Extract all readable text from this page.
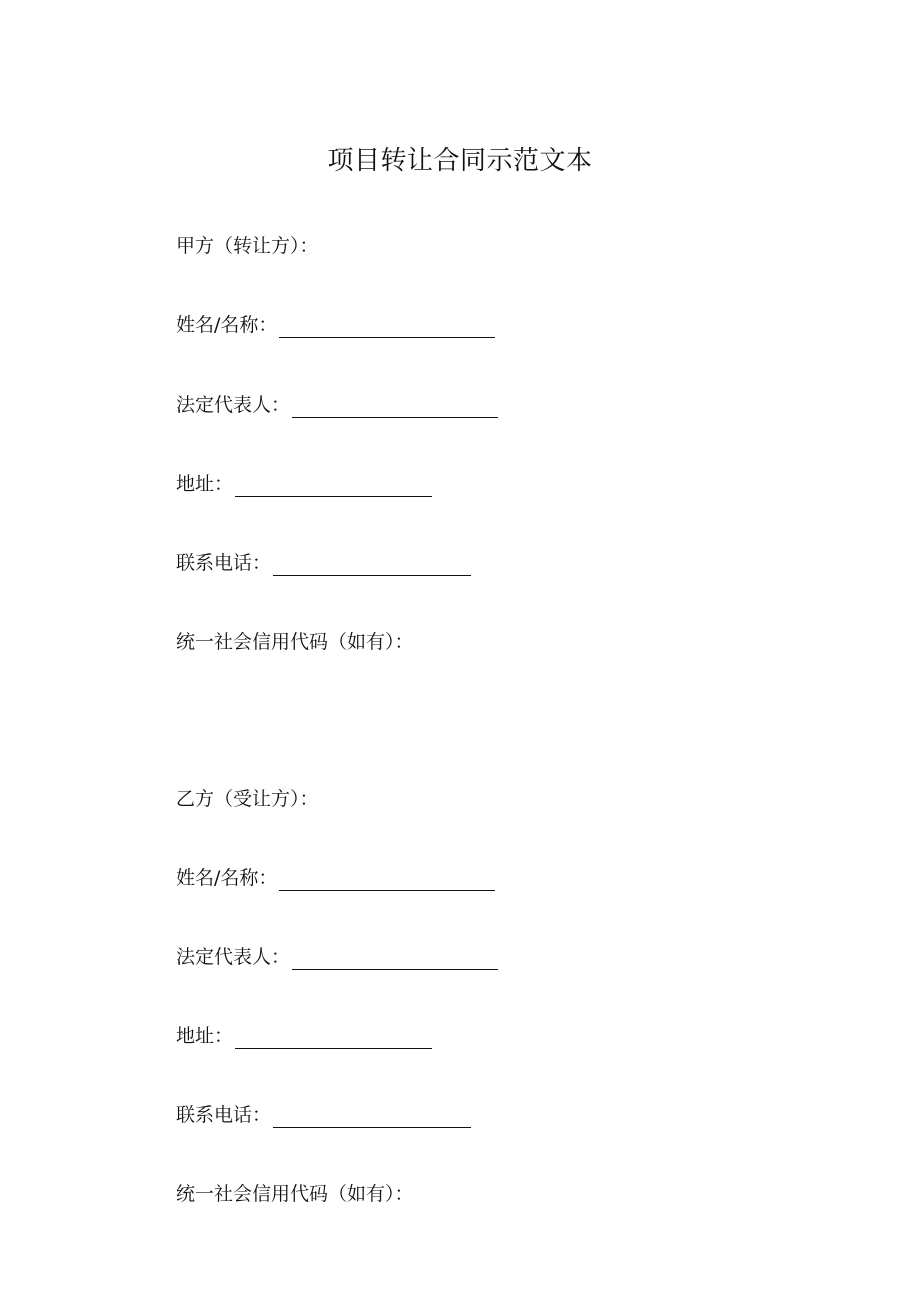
项目转让合同示范文本
甲方（转让方）：
姓名/名称：
法定代表人：
地址：
联系电话：
统一社会信用代码（如有）：
乙方（受让方）：
姓名/名称：
法定代表人：
地址：
联系电话：
统一社会信用代码（如有）：
